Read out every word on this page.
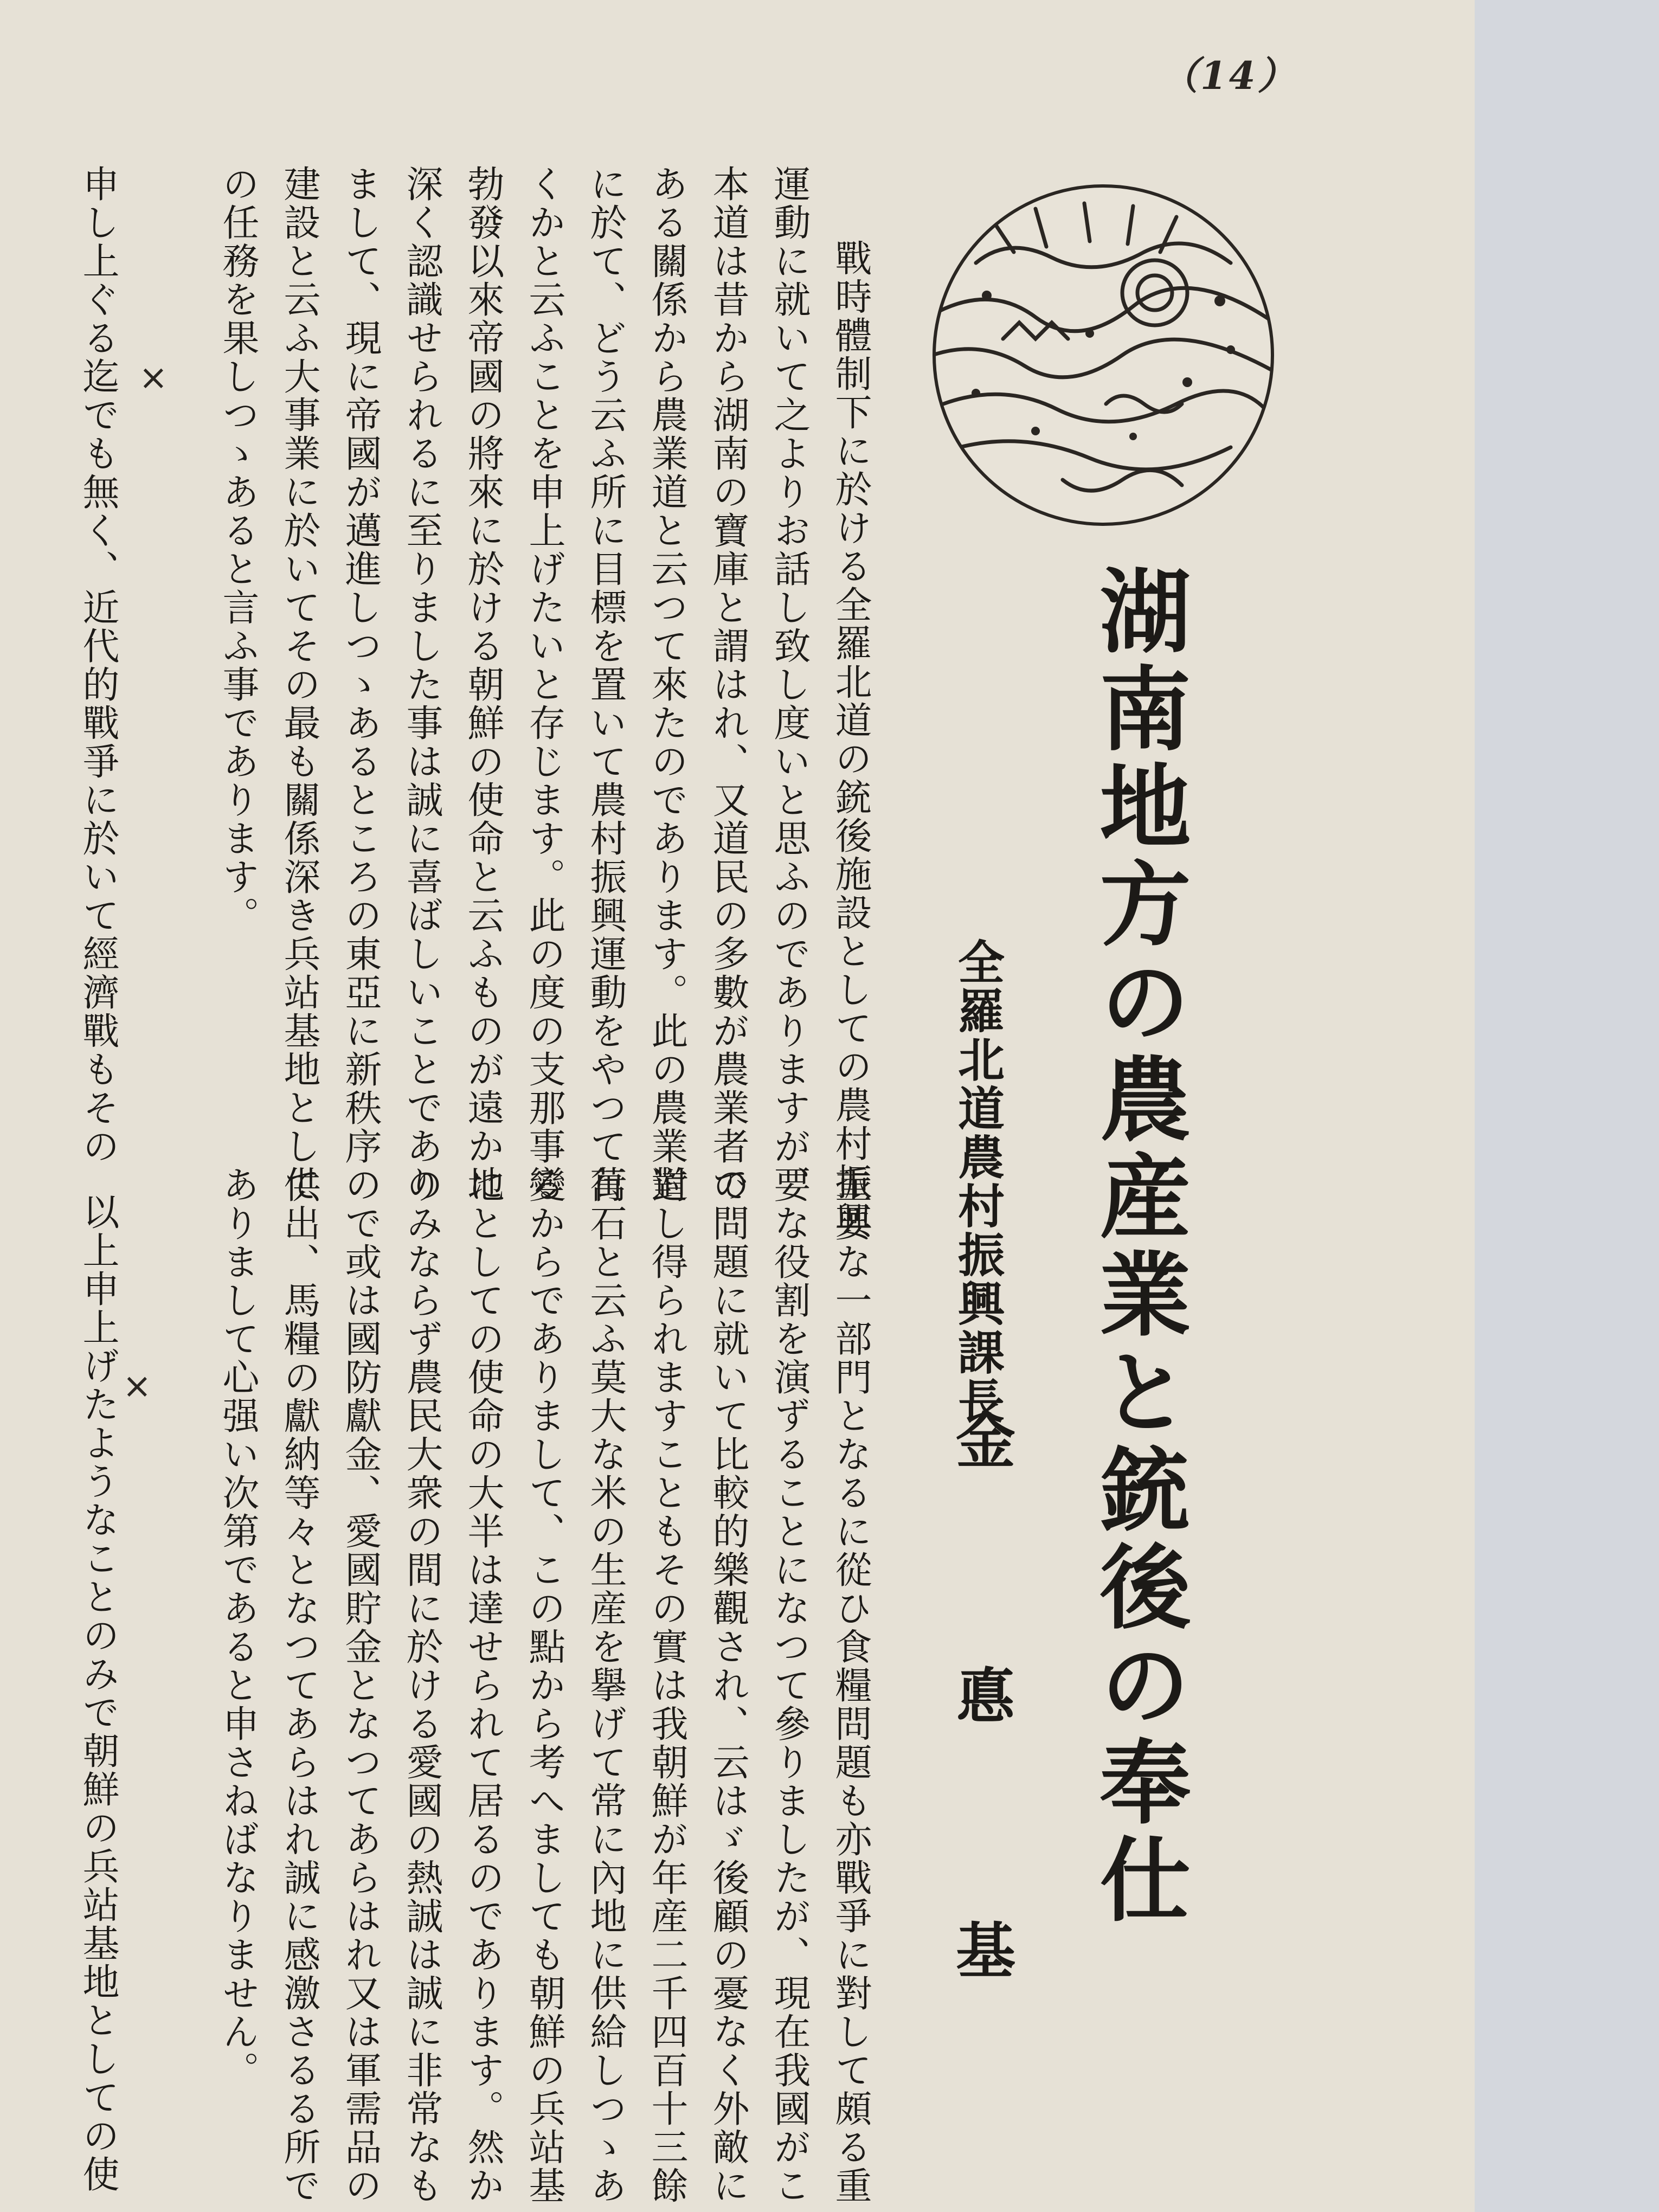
（14）
湖南地方の農産業と銃後の奉仕
全羅北道農村振興課長
金　悳　基
　戰時體制下に於ける全羅北道の銃後施設としての農村振興
運動に就いて之よりお話し致し度いと思ふのでありますが、
本道は昔から湖南の寶庫と謂はれ、又道民の多數が農業者で
ある關係から農業道と云つて來たのであります。此の農業道
に於て、どう云ふ所に目標を置いて農村振興運動をやつて行
くかと云ふことを申上げたいと存じます。此の度の支那事變
勃發以來帝國の將來に於ける朝鮮の使命と云ふものが遠かに
深く認識せられるに至りました事は誠に喜ばしいことであり
まして、現に帝國が邁進しつゝあるところの東亞に新秩序の
建設と云ふ大事業に於いてその最も關係深き兵站基地として
の任務を果しつゝあると言ふ事であります。
×
申し上ぐる迄でも無く、近代的戰爭に於いて經濟戰もその
重要な一部門となるに從ひ食糧問題も亦戰爭に對して頗る重
要な役割を演ずることになつて參りましたが、現在我國がこ
の問題に就いて比較的樂觀され、云はゞ後顧の憂なく外敵に
對し得られますこともその實は我朝鮮が年産二千四百十三餘
萬石と云ふ莫大な米の生産を擧げて常に內地に供給しつゝあ
るからでありまして、この點から考へましても朝鮮の兵站基
地としての使命の大半は達せられて居るのであります。然か
のみならず農民大衆の間に於ける愛國の熱誠は誠に非常なも
ので或は國防獻金、愛國貯金となつてあらはれ又は軍需品の
供出、馬糧の獻納等々となつてあらはれ誠に感激さるる所で
ありまして心强い次第であると申さねばなりません。
×
以上申上げたようなことのみで朝鮮の兵站基地としての使
